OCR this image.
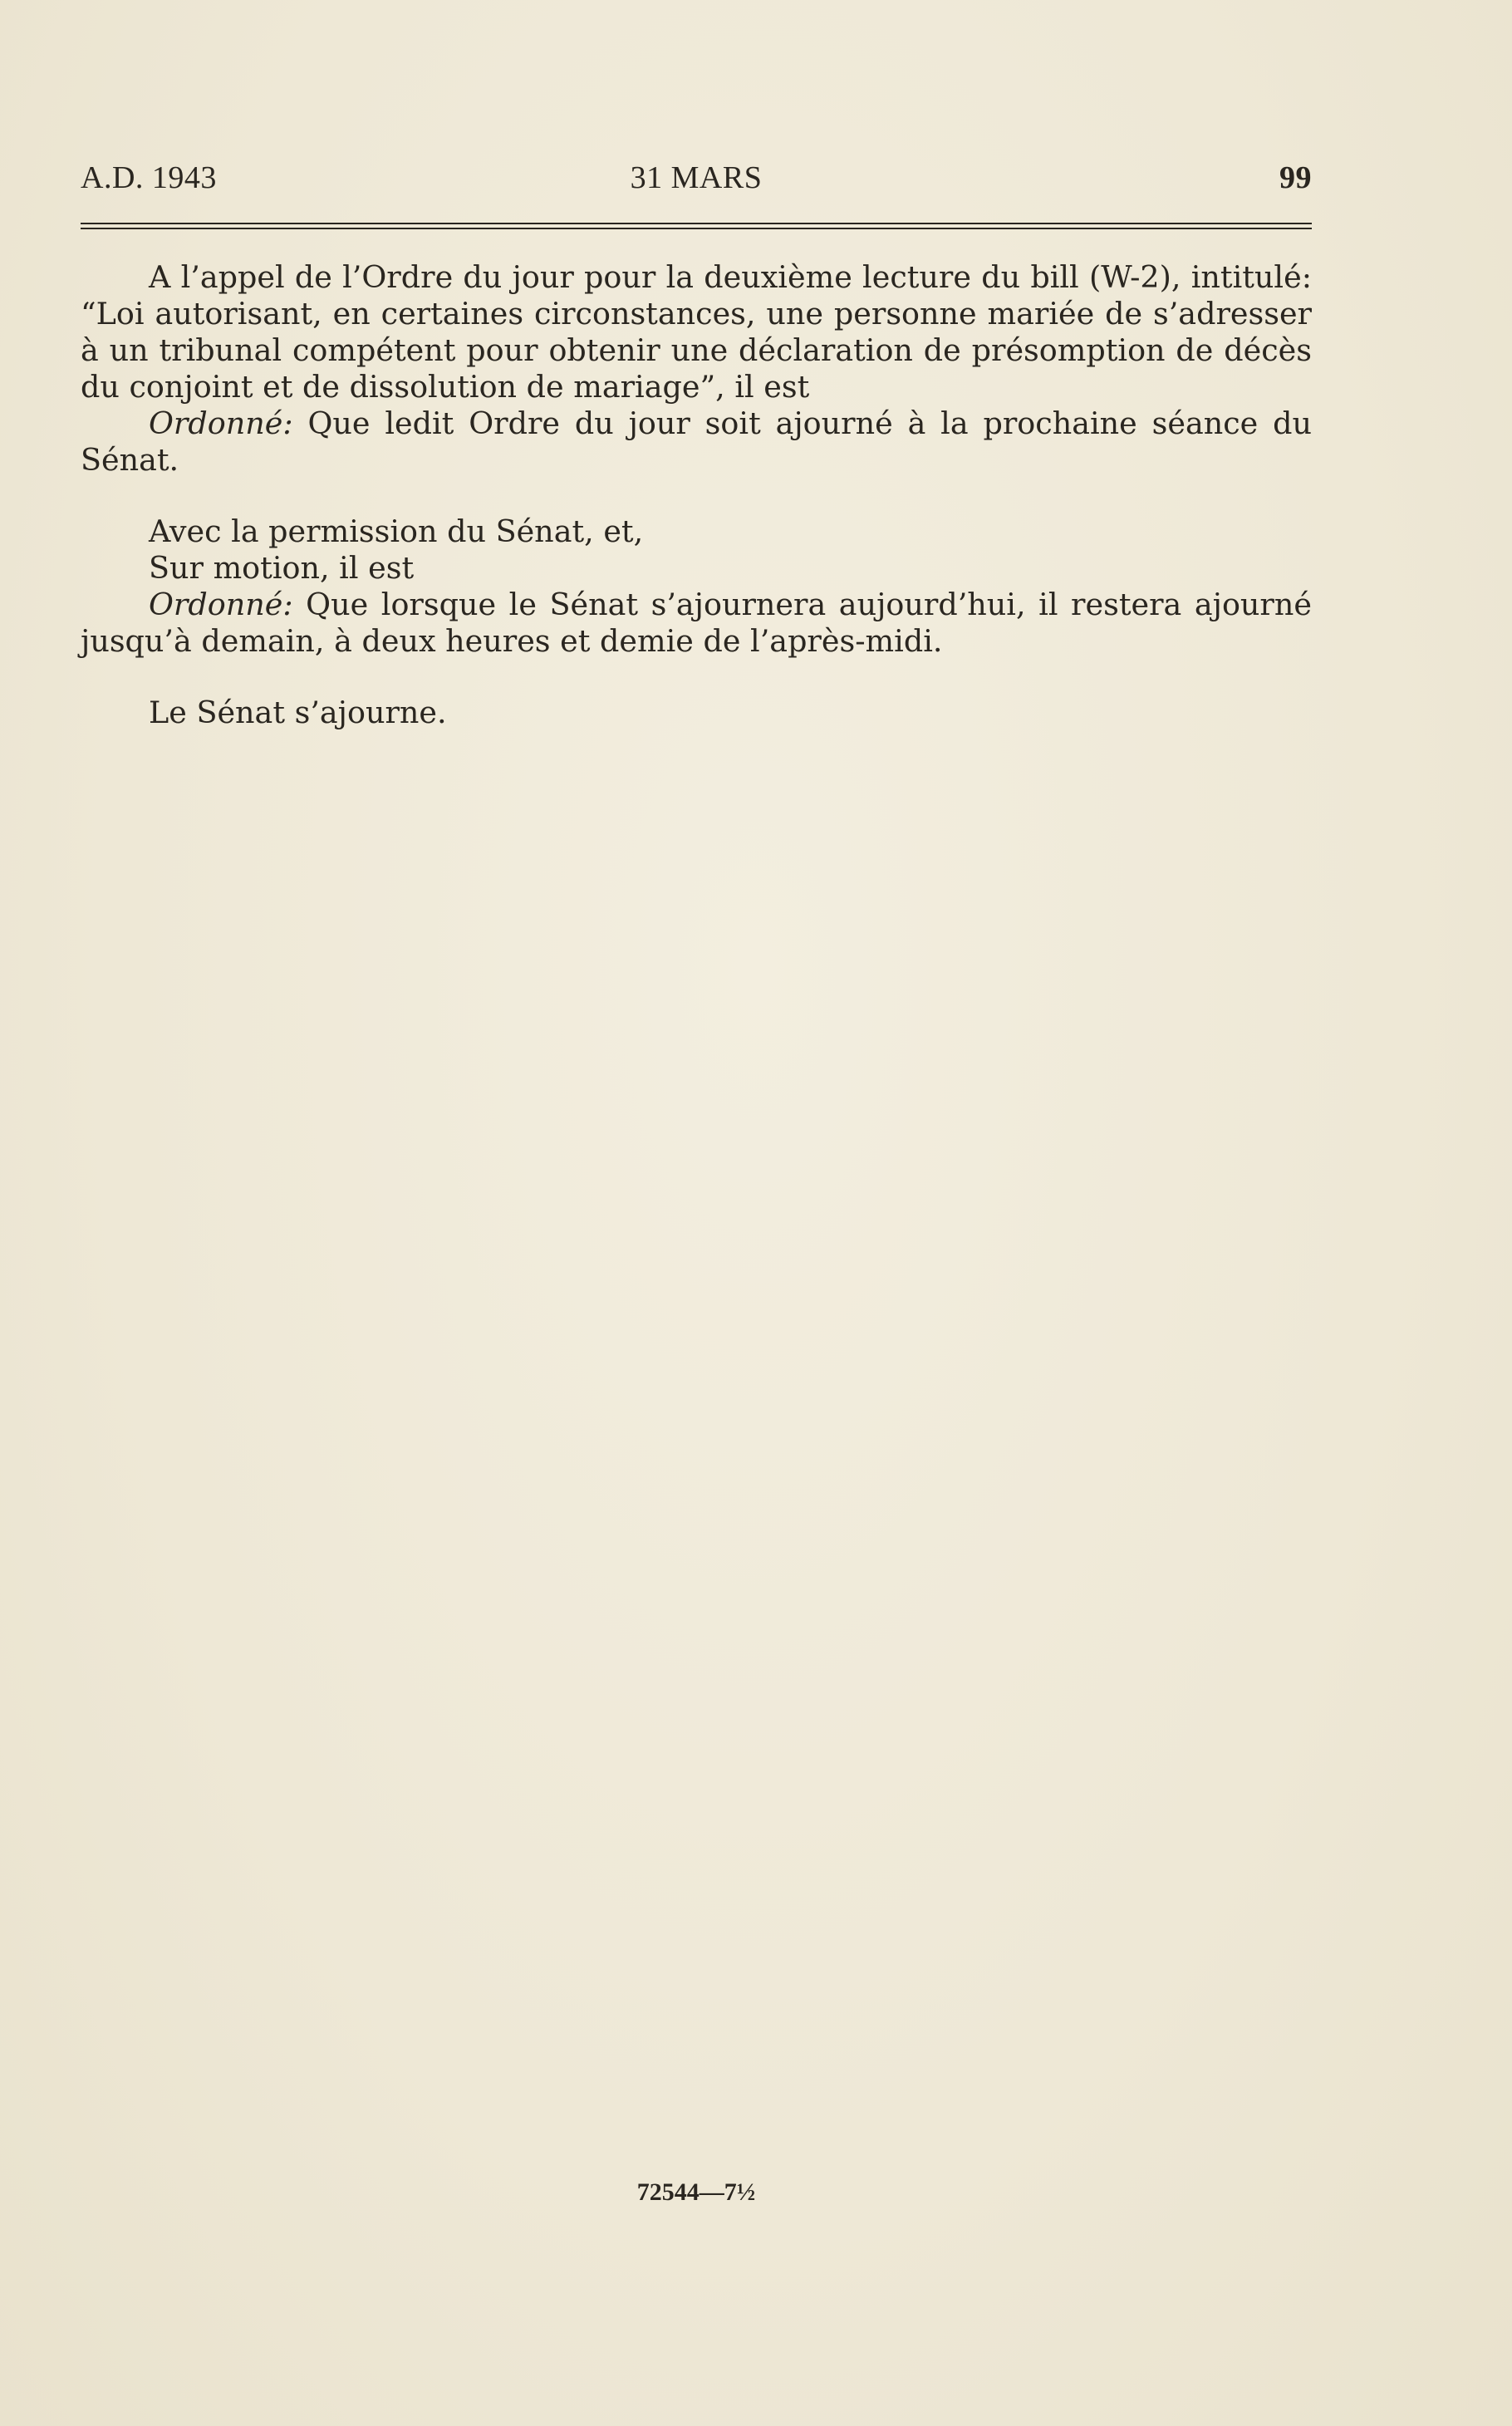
A.D. 1943	31 MARS	99

A l’appel de l’Ordre du jour pour la deuxième lecture du bill (W-2), intitulé: “Loi autorisant, en certaines circonstances, une personne mariée de s’adresser à un tribunal compétent pour obtenir une déclaration de présomption de décès du conjoint et de dissolution de mariage”, il est

Ordonné: Que ledit Ordre du jour soit ajourné à la prochaine séance du Sénat.

Avec la permission du Sénat, et,

Sur motion, il est

Ordonné: Que lorsque le Sénat s’ajournera aujourd’hui, il restera ajourné jusqu’à demain, à deux heures et demie de l’après-midi.

Le Sénat s’ajourne.

72544—7½
